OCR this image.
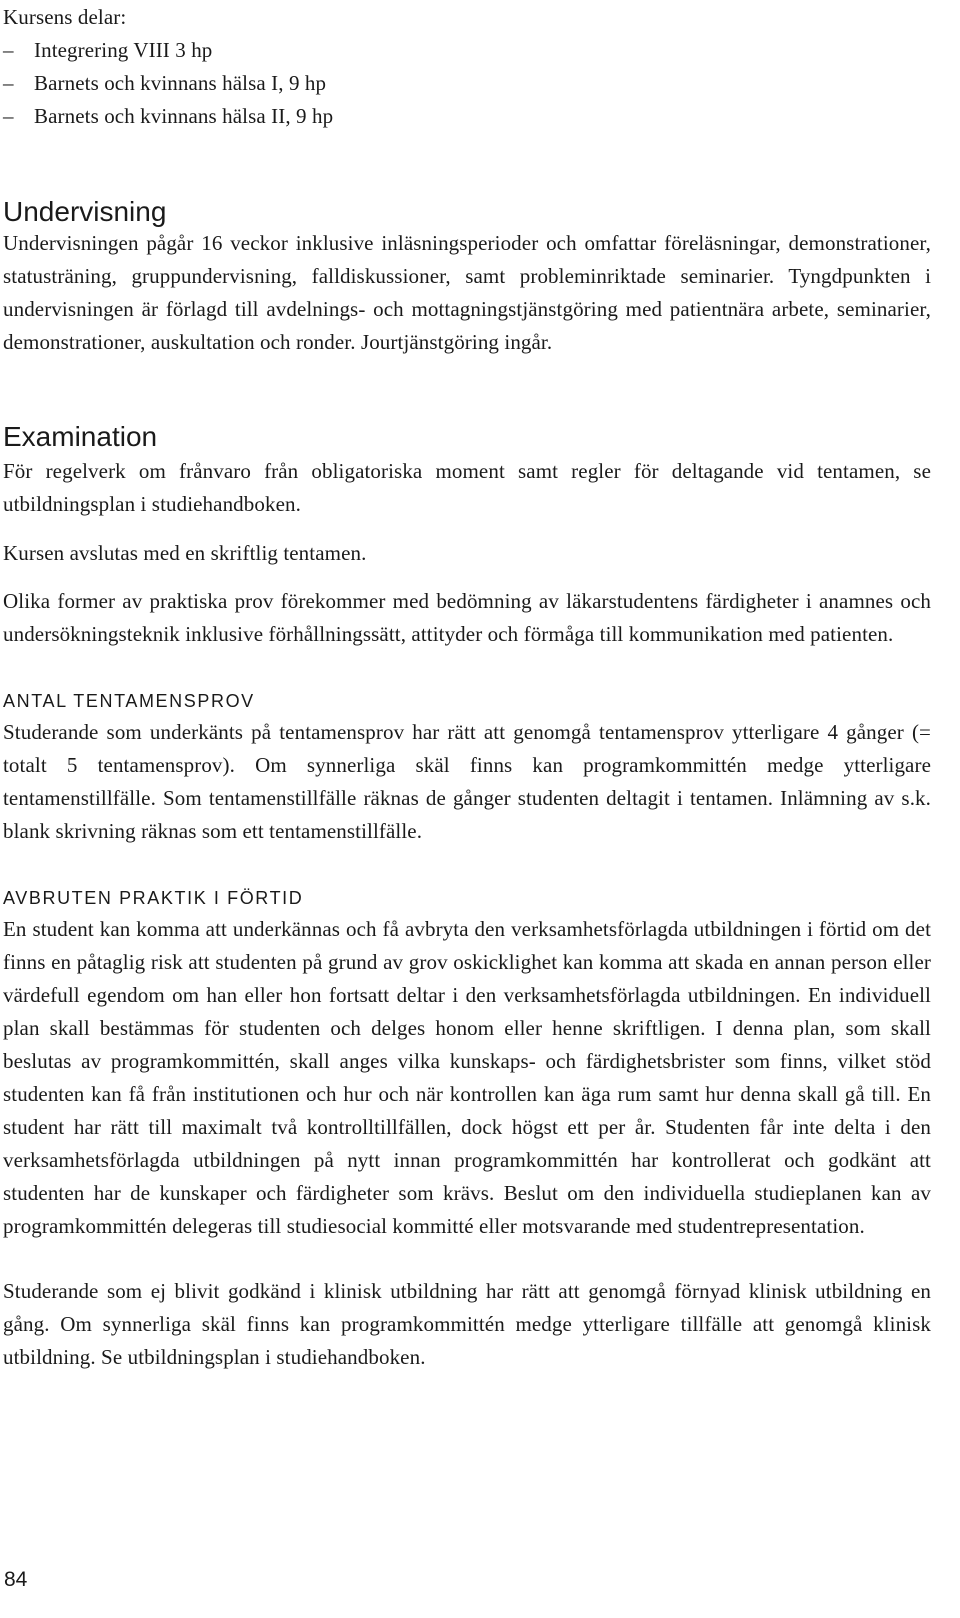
Kursens delar:
– Integrering VIII 3 hp
– Barnets och kvinnans hälsa I, 9 hp
– Barnets och kvinnans hälsa II, 9 hp
Undervisning

Undervisningen pågår 16 veckor inklusive inläsningsperioder och omfattar föreläsningar, demonstrationer, statusträning, gruppundervisning, falldiskussioner, samt probleminriktade seminarier. Tyngdpunkten i undervisningen är förlagd till avdelnings- och mottagningstjänstgöring med patientnära arbete, seminarier, demonstrationer, auskultation och ronder. Jourtjänstgöring ingår.

Examination

För regelverk om frånvaro från obligatoriska moment samt regler för deltagande vid tentamen, se utbildningsplan i studiehandboken.

Kursen avslutas med en skriftlig tentamen.

Olika former av praktiska prov förekommer med bedömning av läkarstudentens färdigheter i anamnes och undersökningsteknik inklusive förhållningssätt, attityder och förmåga till kommunikation med patienten.

ANTAL TENTAMENSPROV

Studerande som underkänts på tentamensprov har rätt att genomgå tentamensprov ytterligare 4 gånger (= totalt 5 tentamensprov). Om synnerliga skäl finns kan programkommittén medge ytterligare tentamenstillfälle. Som tentamenstillfälle räknas de gånger studenten deltagit i tentamen. Inlämning av s.k. blank skrivning räknas som ett tentamenstillfälle.

AVBRUTEN PRAKTIK I FÖRTID

En student kan komma att underkännas och få avbryta den verksamhetsförlagda utbildningen i förtid om det finns en påtaglig risk att studenten på grund av grov oskicklighet kan komma att skada en annan person eller värdefull egendom om han eller hon fortsatt deltar i den verksamhetsförlagda utbildningen. En individuell plan skall bestämmas för studenten och delges honom eller henne skriftligen. I denna plan, som skall beslutas av programkommittén, skall anges vilka kunskaps- och färdighetsbrister som finns, vilket stöd studenten kan få från institutionen och hur och när kontrollen kan äga rum samt hur denna skall gå till. En student har rätt till maximalt två kontrolltillfällen, dock högst ett per år. Studenten får inte delta i den verksamhetsförlagda utbildningen på nytt innan programkommittén har kontrollerat och godkänt att studenten har de kunskaper och färdigheter som krävs. Beslut om den individuella studieplanen kan av programkommittén delegeras till studiesocial kommitté eller motsvarande med studentrepresentation.

Studerande som ej blivit godkänd i klinisk utbildning har rätt att genomgå förnyad klinisk utbildning en gång. Om synnerliga skäl finns kan programkommittén medge ytterligare tillfälle att genomgå klinisk utbildning. Se utbildningsplan i studiehandboken.

84
